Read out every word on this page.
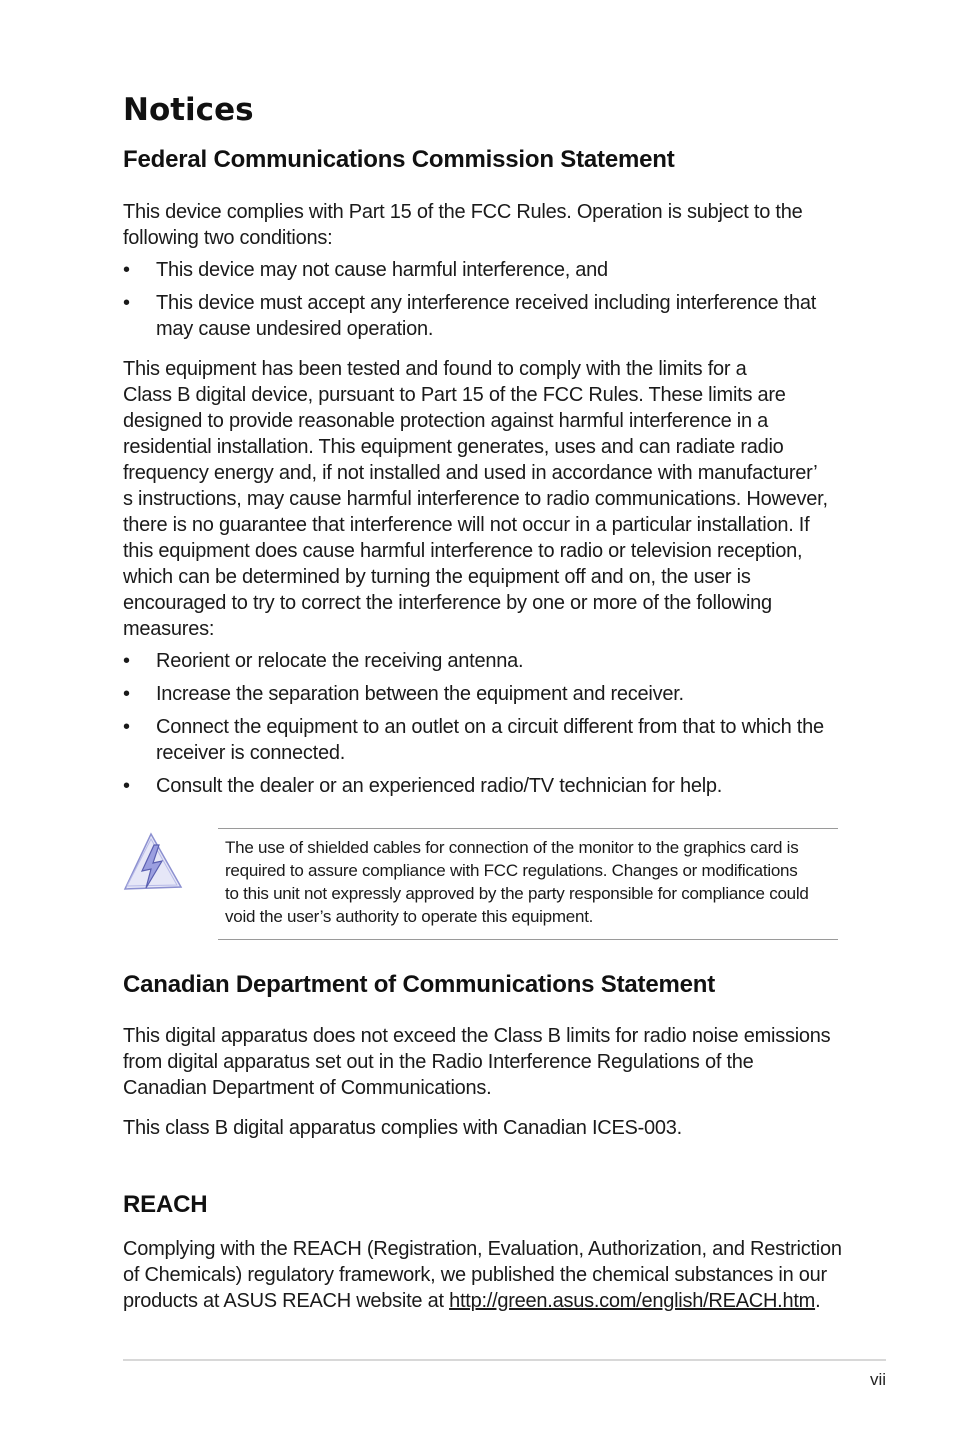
Notices
Federal Communications Commission Statement

This device complies with Part 15 of the FCC Rules. Operation is subject to the
following two conditions:

• This device may not cause harmful interference, and
• This device must accept any interference received including interference that
may cause undesired operation.

This equipment has been tested and found to comply with the limits for a
Class B digital device, pursuant to Part 15 of the FCC Rules. These limits are
designed to provide reasonable protection against harmful interference in a
residential installation. This equipment generates, uses and can radiate radio
frequency energy and, if not installed and used in accordance with manufacturer’
s instructions, may cause harmful interference to radio communications. However,
there is no guarantee that interference will not occur in a particular installation. If
this equipment does cause harmful interference to radio or television reception,
which can be determined by turning the equipment off and on, the user is
encouraged to try to correct the interference by one or more of the following
measures:

• Reorient or relocate the receiving antenna.
• Increase the separation between the equipment and receiver.
• Connect the equipment to an outlet on a circuit different from that to which the
receiver is connected.
• Consult the dealer or an experienced radio/TV technician for help.

The use of shielded cables for connection of the monitor to the graphics card is
required to assure compliance with FCC regulations. Changes or modifications
to this unit not expressly approved by the party responsible for compliance could
void the user’s authority to operate this equipment.

Canadian Department of Communications Statement

This digital apparatus does not exceed the Class B limits for radio noise emissions
from digital apparatus set out in the Radio Interference Regulations of the
Canadian Department of Communications.

This class B digital apparatus complies with Canadian ICES-003.

REACH

Complying with the REACH (Registration, Evaluation, Authorization, and Restriction
of Chemicals) regulatory framework, we published the chemical substances in our
products at ASUS REACH website at http://green.asus.com/english/REACH.htm.

vii
